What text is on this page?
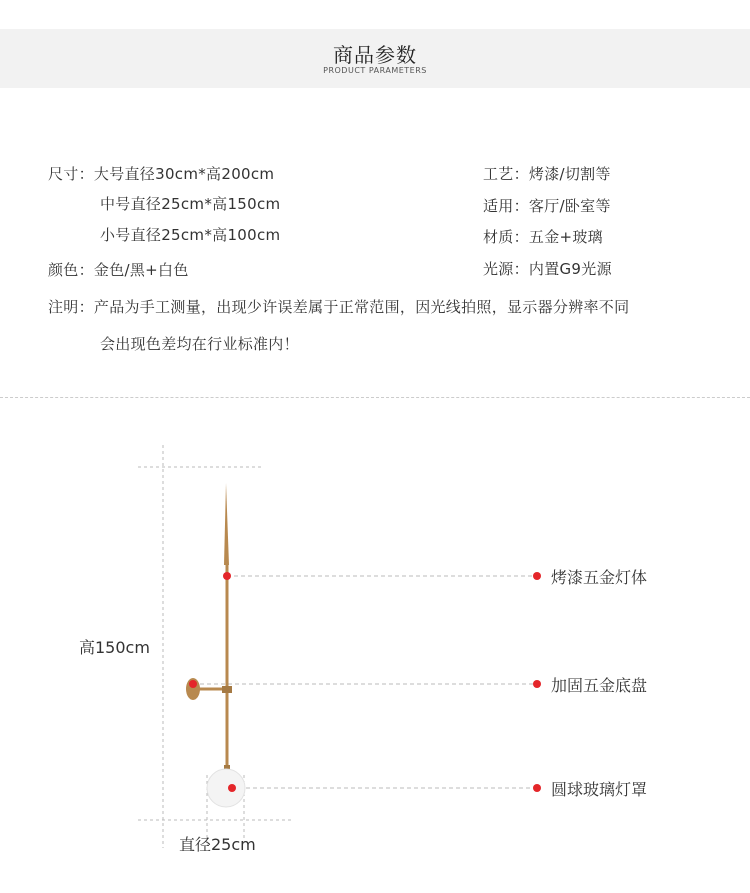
商品参数
PRODUCT PARAMETERS
尺寸：大号直径30cm*高200cm
中号直径25cm*高150cm
小号直径25cm*高100cm
颜色：金色/黑+白色
工艺：烤漆/切割等
适用：客厅/卧室等
材质：五金+玻璃
光源：内置G9光源
注明：产品为手工测量，出现少许误差属于正常范围，因光线拍照，显示器分辨率不同
会出现色差均在行业标准内！
高150cm
直径25cm
烤漆五金灯体
加固五金底盘
圆球玻璃灯罩
